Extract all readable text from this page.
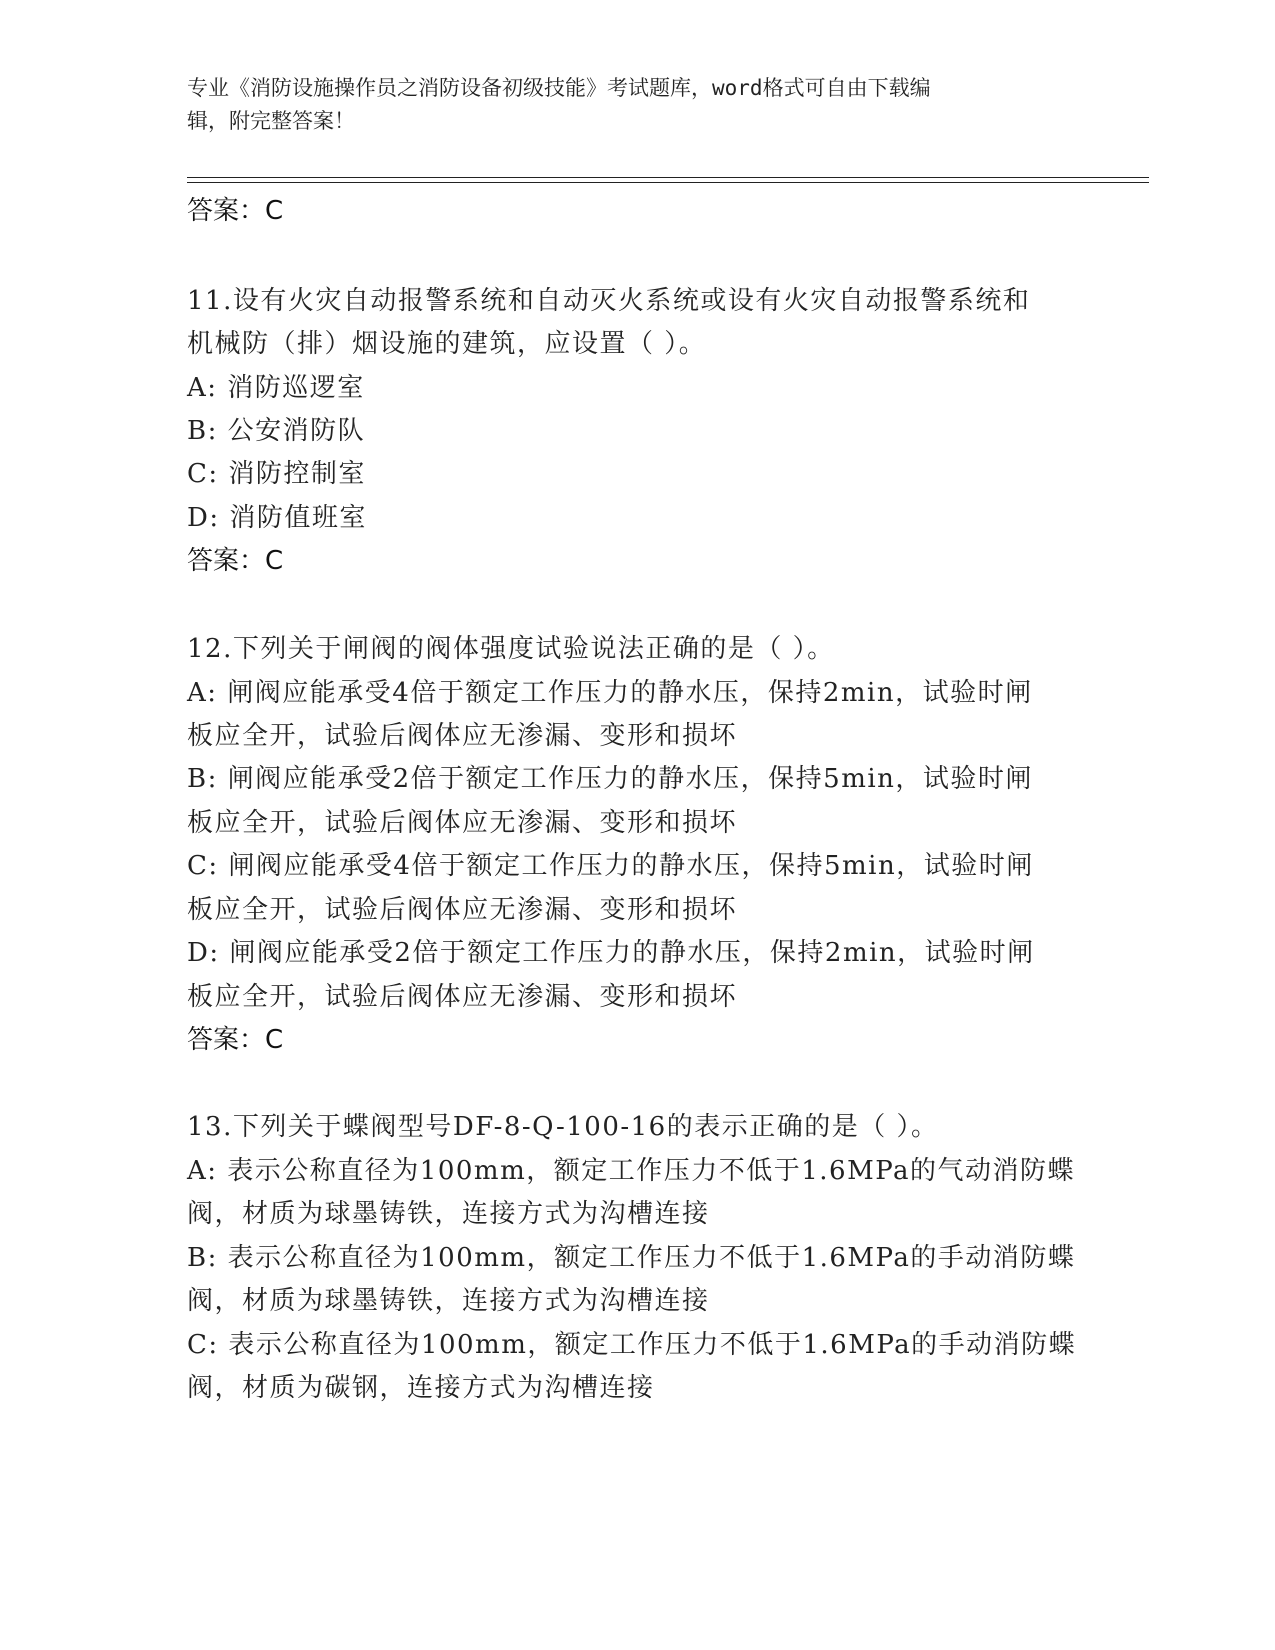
专业《消防设施操作员之消防设备初级技能》考试题库，word格式可自由下载编
辑，附完整答案！
答案：C
11.设有火灾自动报警系统和自动灭火系统或设有火灾自动报警系统和
机械防（排）烟设施的建筑，应设置（ ）。
A: 消防巡逻室
B: 公安消防队
C: 消防控制室
D: 消防值班室
答案：C
12.下列关于闸阀的阀体强度试验说法正确的是（ ）。
A: 闸阀应能承受4倍于额定工作压力的静水压，保持2min，试验时闸
板应全开，试验后阀体应无渗漏、变形和损坏
B: 闸阀应能承受2倍于额定工作压力的静水压，保持5min，试验时闸
板应全开，试验后阀体应无渗漏、变形和损坏
C: 闸阀应能承受4倍于额定工作压力的静水压，保持5min，试验时闸
板应全开，试验后阀体应无渗漏、变形和损坏
D: 闸阀应能承受2倍于额定工作压力的静水压，保持2min，试验时闸
板应全开，试验后阀体应无渗漏、变形和损坏
答案：C
13.下列关于蝶阀型号DF-8-Q-100-16的表示正确的是（ ）。
A: 表示公称直径为100mm，额定工作压力不低于1.6MPa的气动消防蝶
阀，材质为球墨铸铁，连接方式为沟槽连接
B: 表示公称直径为100mm，额定工作压力不低于1.6MPa的手动消防蝶
阀，材质为球墨铸铁，连接方式为沟槽连接
C: 表示公称直径为100mm，额定工作压力不低于1.6MPa的手动消防蝶
阀，材质为碳钢，连接方式为沟槽连接
